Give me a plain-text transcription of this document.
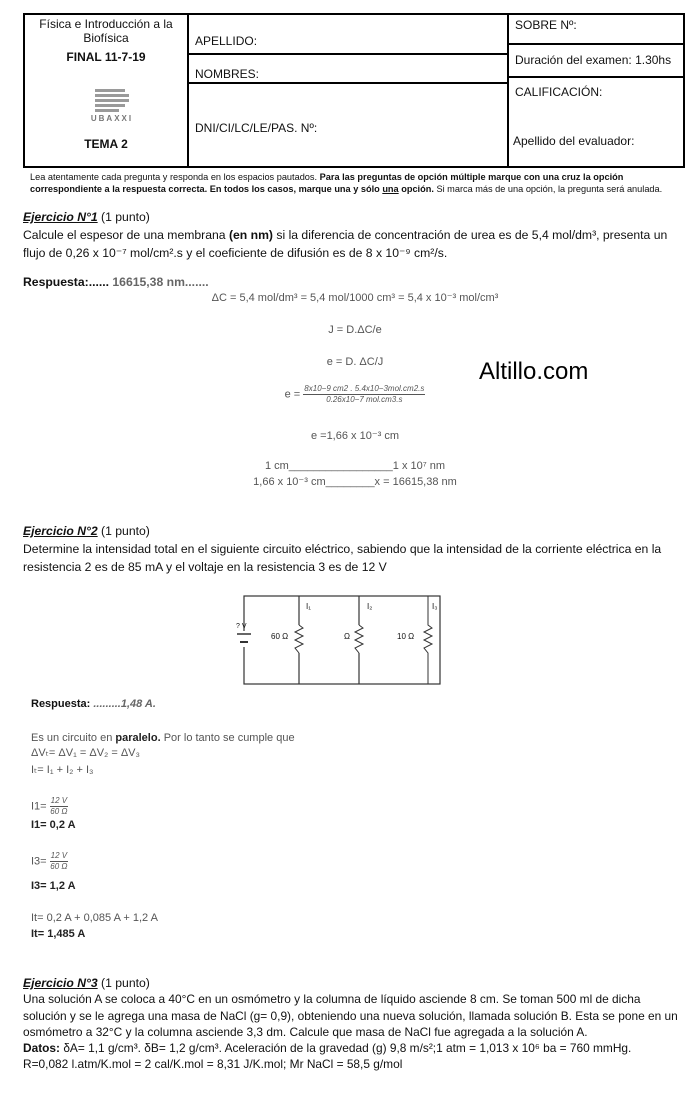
Física e Introducción a la
Biofísica
FINAL 11-7-19
UBAXXI
TEMA 2
APELLIDO:
NOMBRES:
DNI/CI/LC/LE/PAS. Nº:
SOBRE Nº:
Duración del examen: 1.30hs
CALIFICACIÓN:
Apellido del evaluador:
Lea atentamente cada pregunta y responda en los espacios pautados. Para las preguntas de opción múltiple marque con una cruz la opción correspondiente a la respuesta correcta. En todos los casos, marque una y sólo una opción. Si marca más de una opción, la pregunta será anulada.
Ejercicio N°1 (1 punto)
Calcule el espesor de una membrana (en nm) si la diferencia de concentración de urea es de 5,4 mol/dm³, presenta un flujo de 0,26 x 10⁻⁷ mol/cm².s y el coeficiente de difusión es de 8 x 10⁻⁹ cm²/s.
Respuesta:...... 16615,38 nm.......
ΔC = 5,4 mol/dm³ = 5,4 mol/1000 cm³ = 5,4 x 10⁻³ mol/cm³
J = D.ΔC/e
e = D. ΔC/J
$e = \frac{\text{8x10−9 cm2 . 5.4x10−3mol.cm2.s}}{\text{0.26x10−7 mol.cm3.s}}$
e =1,66 x 10⁻³ cm
1 cm_________________1 x 10⁷ nm
1,66 x 10⁻³ cm________x = 16615,38 nm
Altillo.com
Ejercicio N°2 (1 punto)
Determine la intensidad total en el siguiente circuito eléctrico, sabiendo que la intensidad de la corriente eléctrica en la resistencia 2 es de 85 mA y el voltaje en la resistencia 3 es de 12 V
? V
60 Ω	Ω	10 Ω
I₁	I₂	I₃
Respuesta: .........1,48 A.
Es un circuito en paralelo. Por lo tanto se cumple que
ΔVₜ= ΔV₁ = ΔV₂ = ΔV₃
Iₜ= I₁ + I₂ + I₃
$I1= \frac{12 V}{60 \Omega}$
I1= 0,2 A
$I3= \frac{12 V}{60 \Omega}$
I3= 1,2 A
It= 0,2 A + 0,085 A + 1,2 A
It= 1,485 A
Ejercicio N°3 (1 punto)
Una solución A se coloca a 40°C en un osmómetro y la columna de líquido asciende 8 cm. Se toman 500 ml de dicha solución y se le agrega una masa de NaCl (g= 0,9), obteniendo una nueva solución, llamada solución B. Esta se pone en un osmómetro a 32°C y la columna asciende 3,3 dm. Calcule que masa de NaCl fue agregada a la solución A.
Datos: δA= 1,1 g/cm³. δB= 1,2 g/cm³. Aceleración de la gravedad (g) 9,8 m/s²;1 atm = 1,013 x 10⁶ ba = 760 mmHg.
R=0,082 l.atm/K.mol = 2 cal/K.mol = 8,31 J/K.mol; Mr NaCl = 58,5 g/mol
